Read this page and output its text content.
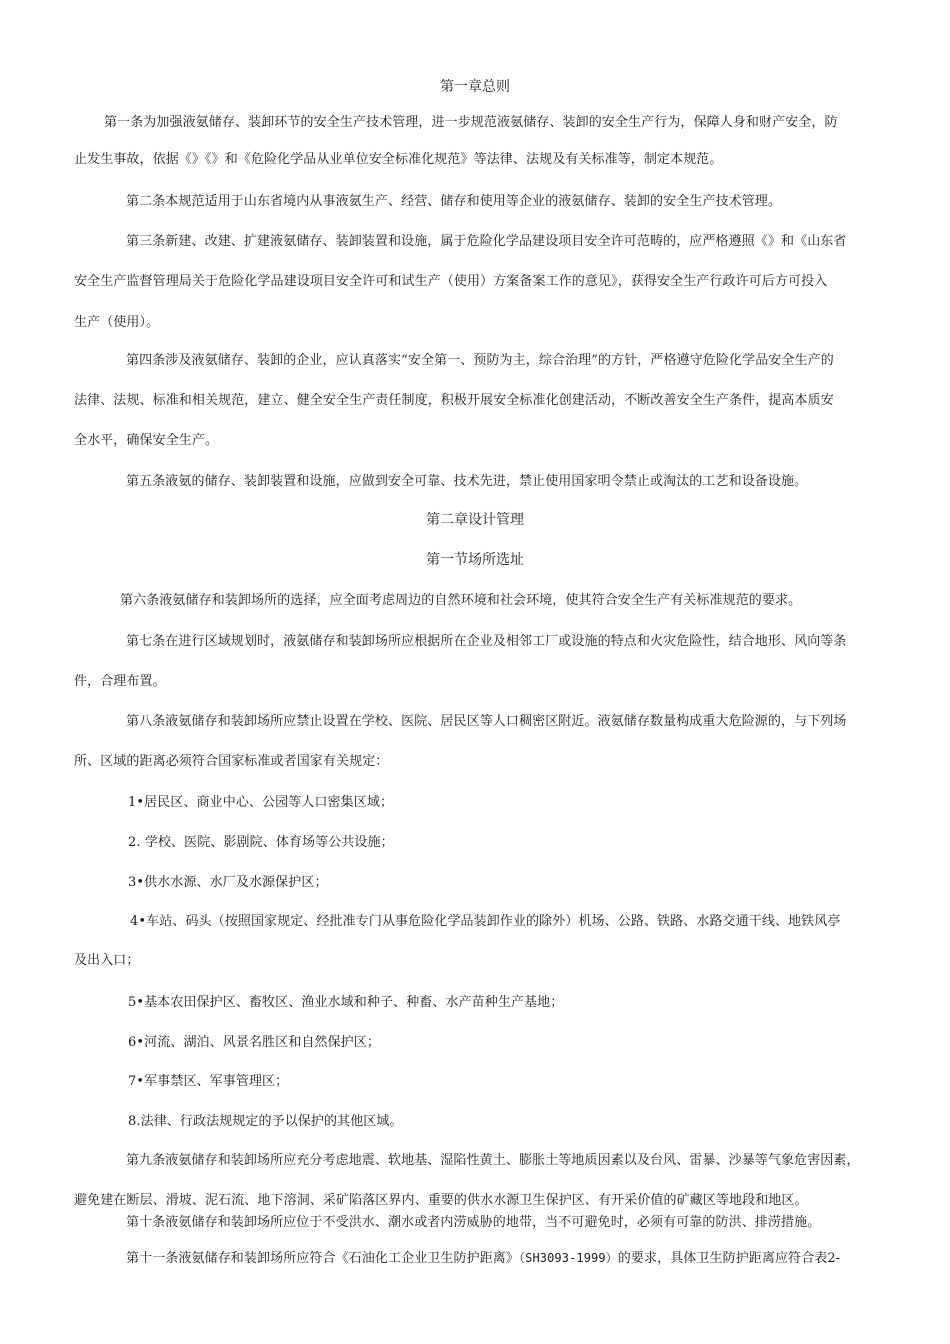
第一章总则
第一条为加强液氨储存、装卸环节的安全生产技术管理，进一步规范液氨储存、装卸的安全生产行为，保障人身和财产安全，防
止发生事故，依据《》《》和《危险化学品从业单位安全标准化规范》等法律、法规及有关标准等，制定本规范。
第二条本规范适用于山东省境内从事液氨生产、经营、储存和使用等企业的液氨储存、装卸的安全生产技术管理。
第三条新建、改建、扩建液氨储存、装卸装置和设施，属于危险化学品建设项目安全许可范畴的，应严格遵照《》和《山东省
安全生产监督管理局关于危险化学品建设项目安全许可和试生产（使用）方案备案工作的意见》，获得安全生产行政许可后方可投入
生产（使用）。
第四条涉及液氨储存、装卸的企业，应认真落实“安全第一、预防为主，综合治理”的方针，严格遵守危险化学品安全生产的
法律、法规、标准和相关规范，建立、健全安全生产责任制度，积极开展安全标准化创建活动，不断改善安全生产条件，提高本质安
全水平，确保安全生产。
第五条液氨的储存、装卸装置和设施，应做到安全可靠、技术先进，禁止使用国家明令禁止或淘汰的工艺和设备设施。
第二章设计管理
第一节场所选址
第六条液氨储存和装卸场所的选择，应全面考虑周边的自然环境和社会环境，使其符合安全生产有关标准规范的要求。
第七条在进行区域规划时，液氨储存和装卸场所应根据所在企业及相邻工厂或设施的特点和火灾危险性，结合地形、风向等条
件，合理布置。
第八条液氨储存和装卸场所应禁止设置在学校、医院、居民区等人口稠密区附近。液氨储存数量构成重大危险源的，与下列场
所、区域的距离必须符合国家标准或者国家有关规定：
1•居民区、商业中心、公园等人口密集区域；
2. 学校、医院、影剧院、体育场等公共设施；
3•供水水源、水厂及水源保护区；
4•车站、码头（按照国家规定、经批准专门从事危险化学品装卸作业的除外）机场、公路、铁路、水路交通干线、地铁风亭
及出入口；
5•基本农田保护区、畜牧区、渔业水域和种子、种畜、水产苗种生产基地；
6•河流、湖泊、风景名胜区和自然保护区；
7•军事禁区、军事管理区；
8.法律、行政法规规定的予以保护的其他区域。
第九条液氨储存和装卸场所应充分考虑地震、软地基、湿陷性黄土、膨胀土等地质因素以及台风、雷暴、沙暴等气象危害因素，
避免建在断层、滑坡、泥石流、地下溶洞、采矿陷落区界内、重要的供水水源卫生保护区、有开采价值的矿藏区等地段和地区。
第十条液氨储存和装卸场所应位于不受洪水、潮水或者内涝威胁的地带，当不可避免时，必须有可靠的防洪、排涝措施。
第十一条液氨储存和装卸场所应符合《石油化工企业卫生防护距离》（SH3093-1999）的要求，具体卫生防护距离应符合表2-
